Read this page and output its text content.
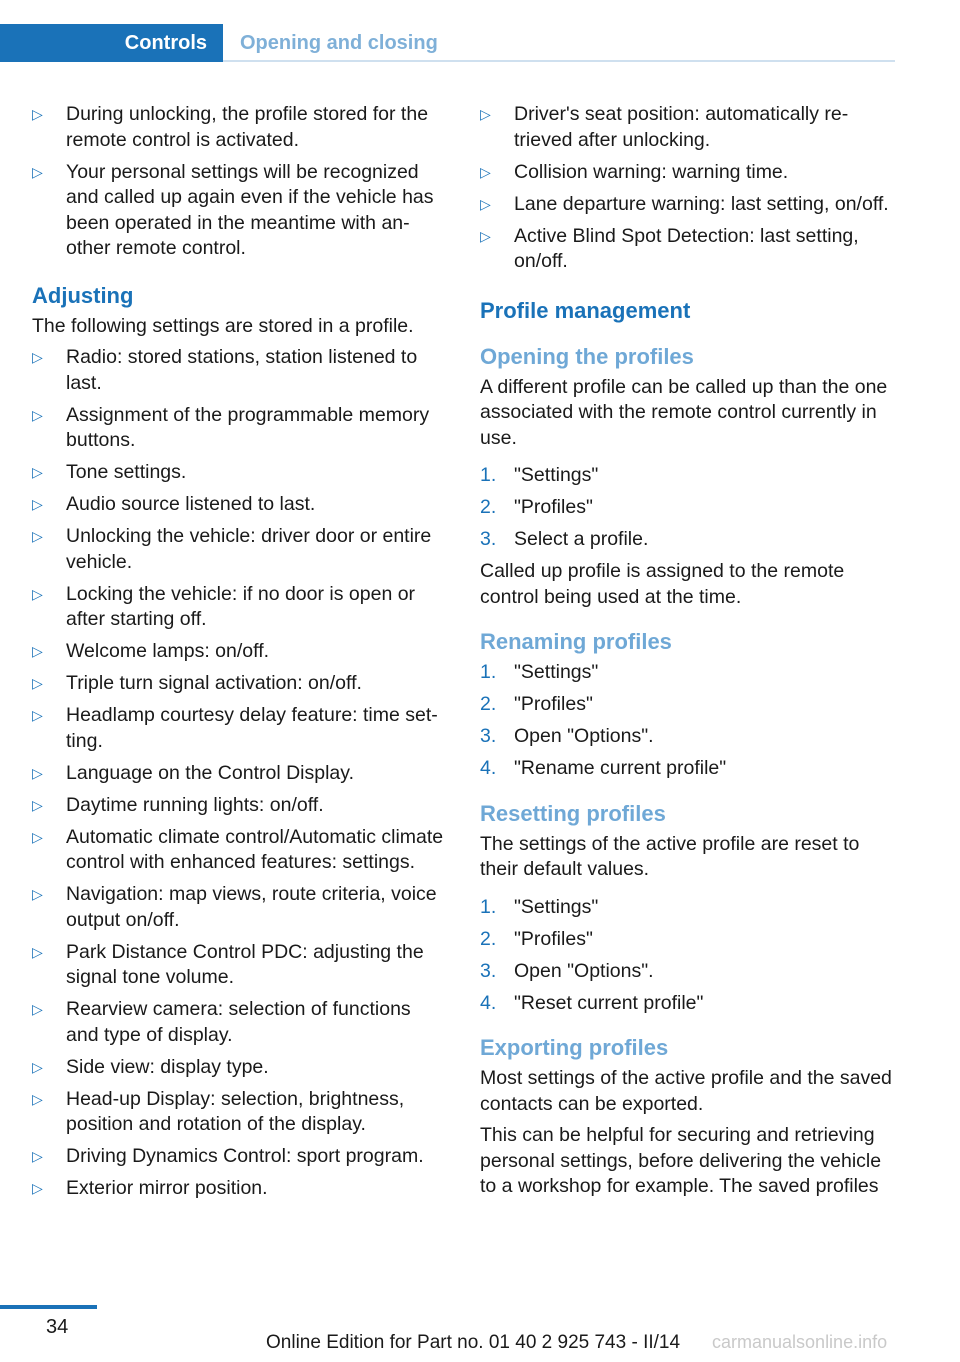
Controls	Opening and closing
▷ During unlocking, the profile stored for the remote control is activated.
▷ Your personal settings will be recognized and called up again even if the vehicle has been operated in the meantime with another remote control.
Adjusting
The following settings are stored in a profile.
▷ Radio: stored stations, station listened to last.
▷ Assignment of the programmable memory buttons.
▷ Tone settings.
▷ Audio source listened to last.
▷ Unlocking the vehicle: driver door or entire vehicle.
▷ Locking the vehicle: if no door is open or after starting off.
▷ Welcome lamps: on/off.
▷ Triple turn signal activation: on/off.
▷ Headlamp courtesy delay feature: time setting.
▷ Language on the Control Display.
▷ Daytime running lights: on/off.
▷ Automatic climate control/Automatic climate control with enhanced features: settings.
▷ Navigation: map views, route criteria, voice output on/off.
▷ Park Distance Control PDC: adjusting the signal tone volume.
▷ Rearview camera: selection of functions and type of display.
▷ Side view: display type.
▷ Head-up Display: selection, brightness, position and rotation of the display.
▷ Driving Dynamics Control: sport program.
▷ Exterior mirror position.
▷ Driver's seat position: automatically retrieved after unlocking.
▷ Collision warning: warning time.
▷ Lane departure warning: last setting, on/off.
▷ Active Blind Spot Detection: last setting, on/off.
Profile management
Opening the profiles
A different profile can be called up than the one associated with the remote control currently in use.
1. "Settings"
2. "Profiles"
3. Select a profile.
Called up profile is assigned to the remote control being used at the time.
Renaming profiles
1. "Settings"
2. "Profiles"
3. Open "Options".
4. "Rename current profile"
Resetting profiles
The settings of the active profile are reset to their default values.
1. "Settings"
2. "Profiles"
3. Open "Options".
4. "Reset current profile"
Exporting profiles
Most settings of the active profile and the saved contacts can be exported.
This can be helpful for securing and retrieving personal settings, before delivering the vehicle to a workshop for example. The saved profiles
34
Online Edition for Part no. 01 40 2 925 743 - II/14 carmanualsonline.info
